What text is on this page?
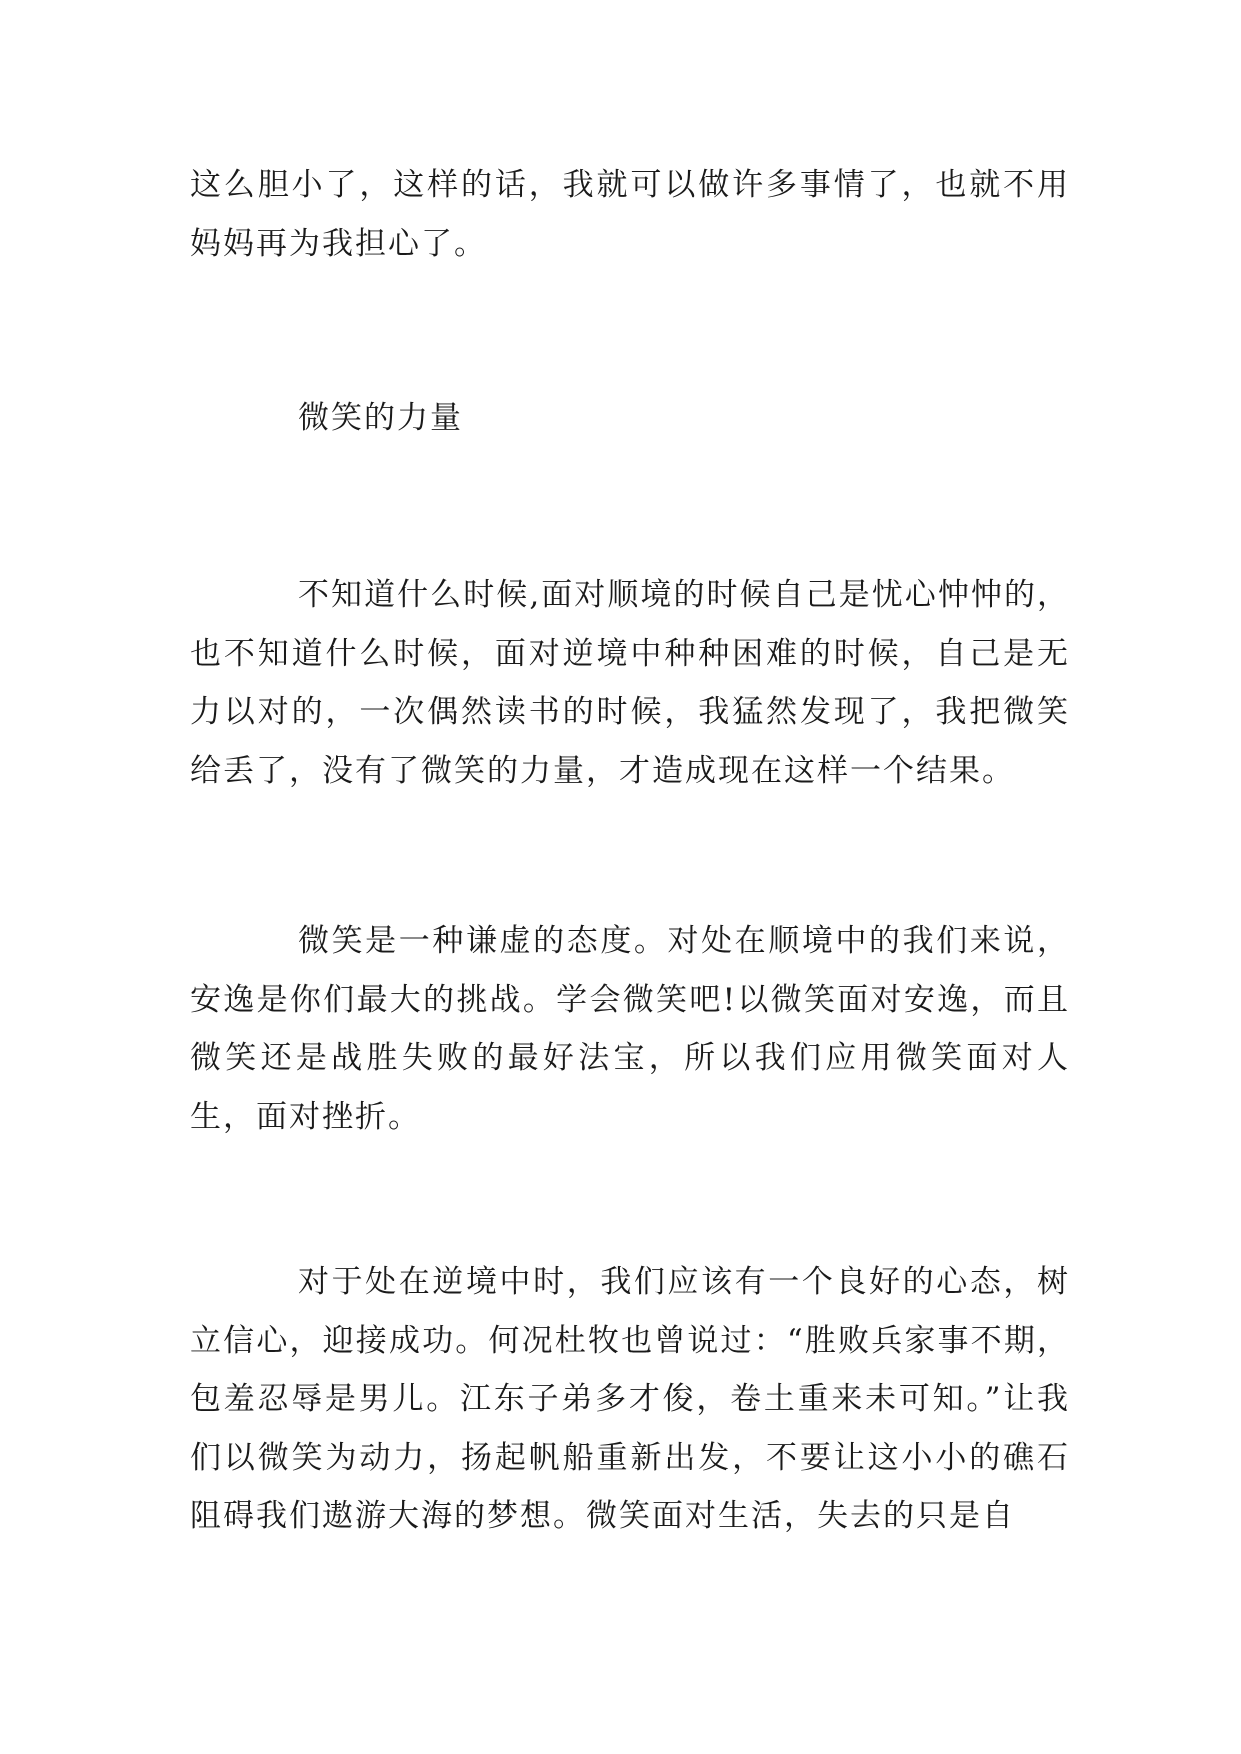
这么胆小了，这样的话，我就可以做许多事情了，也就不用妈妈再为我担心了。

微笑的力量

不知道什么时候,面对顺境的时候自己是忧心忡忡的，也不知道什么时候，面对逆境中种种困难的时候，自己是无力以对的，一次偶然读书的时候，我猛然发现了，我把微笑给丢了，没有了微笑的力量，才造成现在这样一个结果。

微笑是一种谦虚的态度。对处在顺境中的我们来说，安逸是你们最大的挑战。学会微笑吧!以微笑面对安逸，而且微笑还是战胜失败的最好法宝，所以我们应用微笑面对人生，面对挫折。

对于处在逆境中时，我们应该有一个良好的心态，树立信心，迎接成功。何况杜牧也曾说过：“胜败兵家事不期，包羞忍辱是男儿。江东子弟多才俊，卷土重来未可知。”让我们以微笑为动力，扬起帆船重新出发，不要让这小小的礁石阻碍我们遨游大海的梦想。微笑面对生活，失去的只是自
